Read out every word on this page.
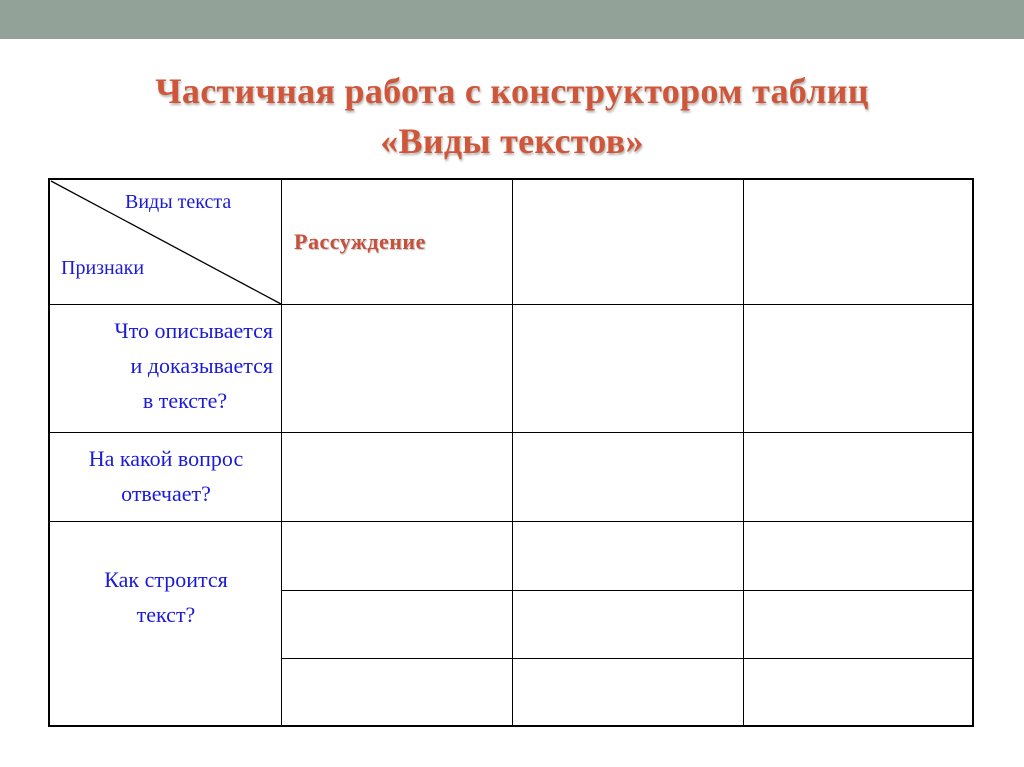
Частичная работа с конструктором таблиц
«Виды текстов»
Виды текста
Признаки
Рассуждение
Что описывается
и доказывается
в тексте?
На какой вопрос
отвечает?
Как строится
текст?
